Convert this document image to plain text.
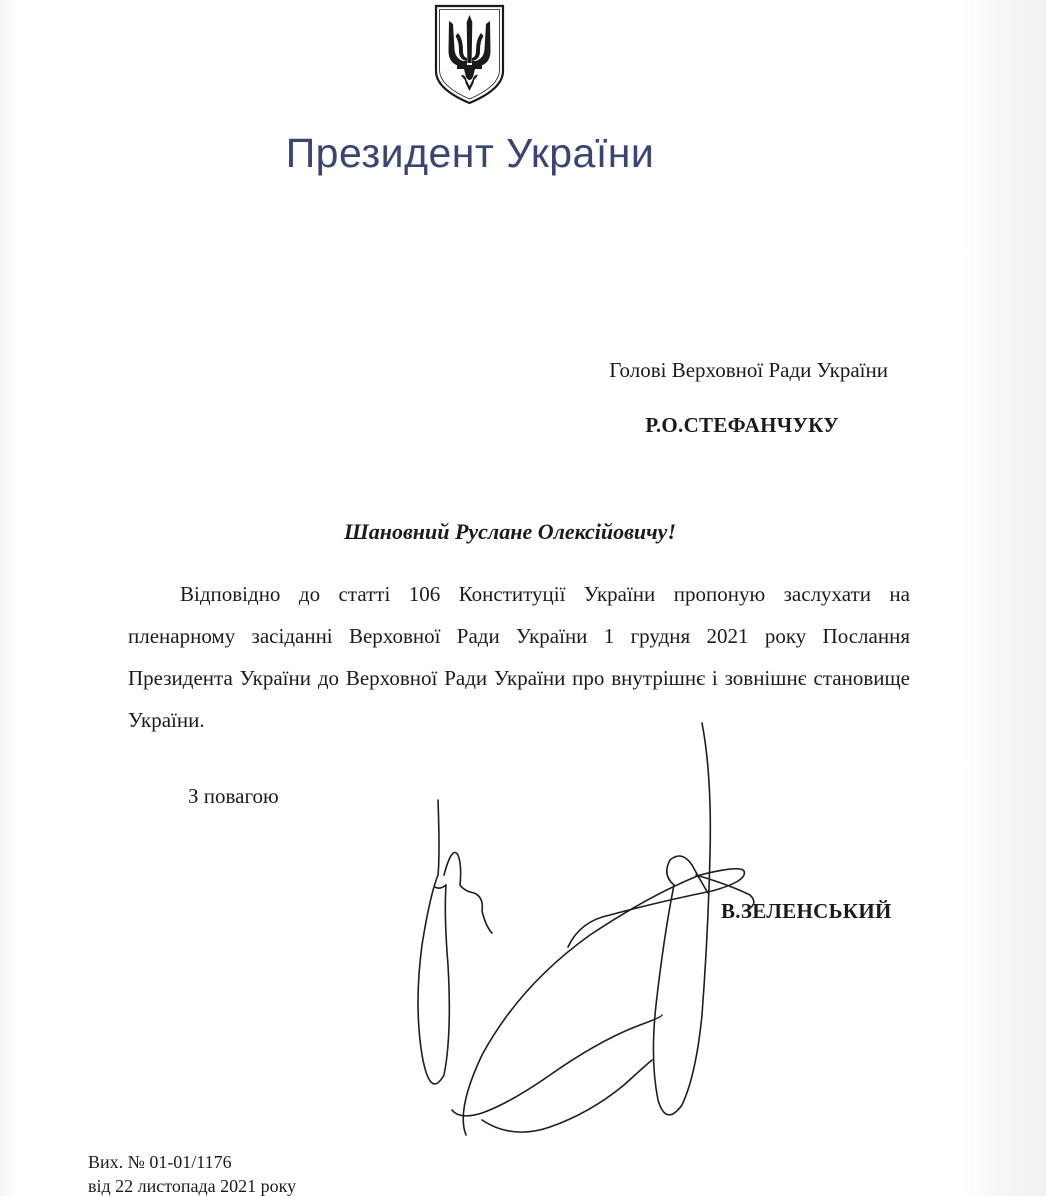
Президент України
Голові Верховної Ради України
Р.О.СТЕФАНЧУКУ
Шановний Руслане Олексійовичу!

Відповідно до статті 106 Конституції України пропоную заслухати на пленарному засіданні Верховної Ради України 1 грудня 2021 року Послання Президента України до Верховної Ради України про внутрішнє і зовнішнє становище України.

З повагою
В.ЗЕЛЕНСЬКИЙ
Вих. № 01-01/1176
від 22 листопада 2021 року
